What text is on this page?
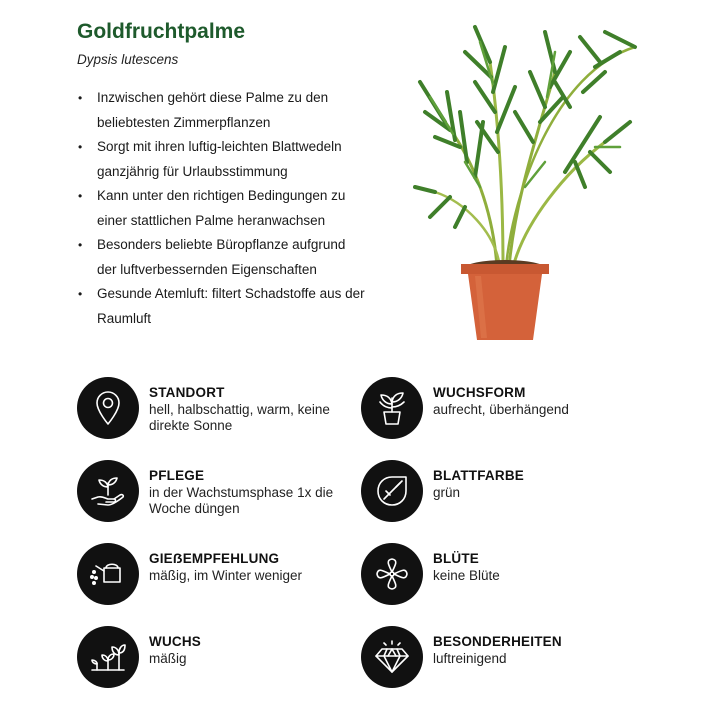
Goldfruchtpalme
Dypsis lutescens
• Inzwischen gehört diese Palme zu den beliebtesten Zimmerpflanzen
• Sorgt mit ihren luftig-leichten Blattwedeln ganzjährig für Urlaubsstimmung
• Kann unter den richtigen Bedingungen zu einer stattlichen Palme heranwachsen
• Besonders beliebte Büropflanze aufgrund der luftverbessernden Eigenschaften
• Gesunde Atemluft: filtert Schadstoffe aus der Raumluft
STANDORT
hell, halbschattig, warm, keine direkte Sonne
WUCHSFORM
aufrecht, überhängend
PFLEGE
in der Wachstumsphase 1x die Woche düngen
BLATTFARBE
grün
GIEẞEMPFEHLUNG
mäßig, im Winter weniger
BLÜTE
keine Blüte
WUCHS
mäßig
BESONDERHEITEN
luftreinigend
